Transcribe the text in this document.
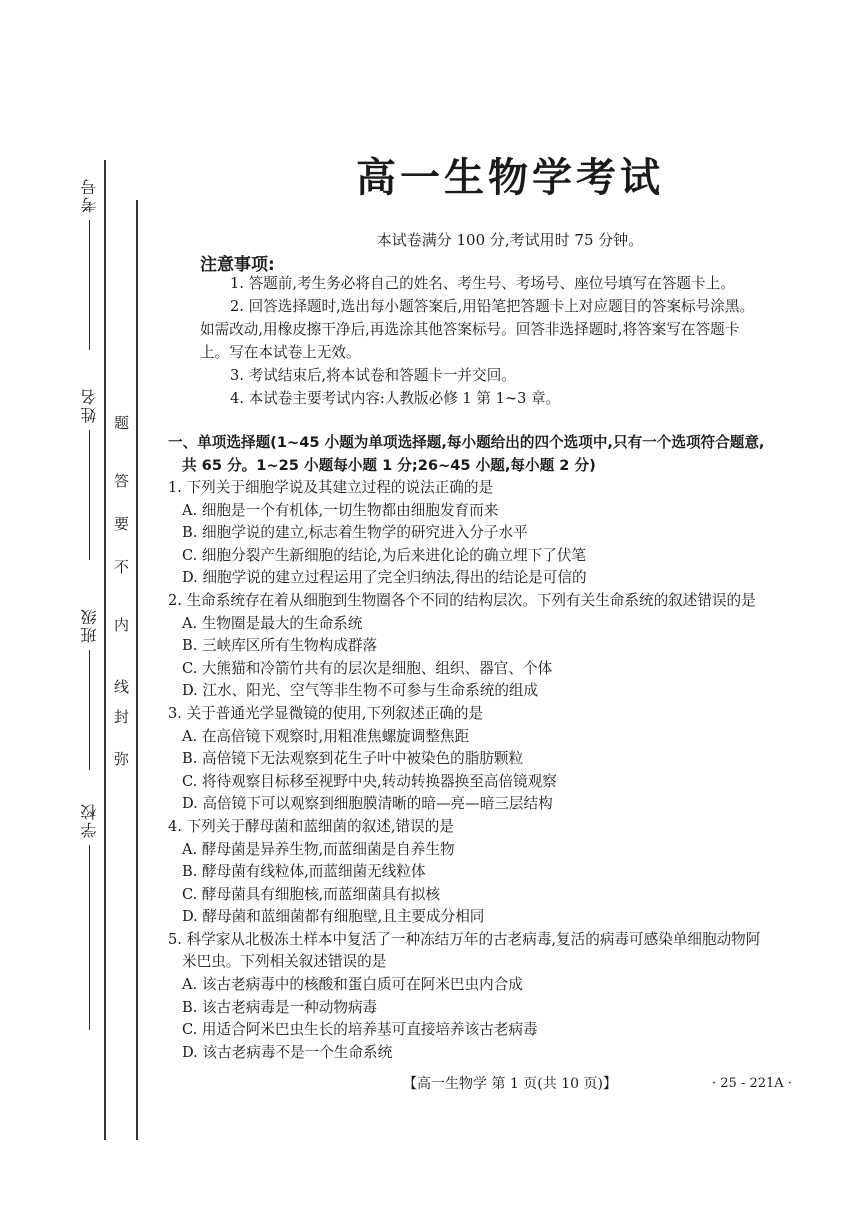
考号
姓名
班级
学校
题
答
要
不
内
线
封
弥
高一生物学考试
本试卷满分 100 分,考试用时 75 分钟。
注意事项:

1. 答题前,考生务必将自己的姓名、考生号、考场号、座位号填写在答题卡上。

2. 回答选择题时,选出每小题答案后,用铅笔把答题卡上对应题目的答案标号涂黑。如需改动,用橡皮擦干净后,再选涂其他答案标号。回答非选择题时,将答案写在答题卡上。写在本试卷上无效。

3. 考试结束后,将本试卷和答题卡一并交回。

4. 本试卷主要考试内容:人教版必修 1 第 1~3 章。

一、单项选择题(1~45 小题为单项选择题,每小题给出的四个选项中,只有一个选项符合题意,
共 65 分。1~25 小题每小题 1 分;26~45 小题,每小题 2 分)
1. 下列关于细胞学说及其建立过程的说法正确的是
A. 细胞是一个有机体,一切生物都由细胞发育而来
B. 细胞学说的建立,标志着生物学的研究进入分子水平
C. 细胞分裂产生新细胞的结论,为后来进化论的确立埋下了伏笔
D. 细胞学说的建立过程运用了完全归纳法,得出的结论是可信的
2. 生命系统存在着从细胞到生物圈各个不同的结构层次。下列有关生命系统的叙述错误的是
A. 生物圈是最大的生命系统
B. 三峡库区所有生物构成群落
C. 大熊猫和冷箭竹共有的层次是细胞、组织、器官、个体
D. 江水、阳光、空气等非生物不可参与生命系统的组成
3. 关于普通光学显微镜的使用,下列叙述正确的是
A. 在高倍镜下观察时,用粗准焦螺旋调整焦距
B. 高倍镜下无法观察到花生子叶中被染色的脂肪颗粒
C. 将待观察目标移至视野中央,转动转换器换至高倍镜观察
D. 高倍镜下可以观察到细胞膜清晰的暗—亮—暗三层结构
4. 下列关于酵母菌和蓝细菌的叙述,错误的是
A. 酵母菌是异养生物,而蓝细菌是自养生物
B. 酵母菌有线粒体,而蓝细菌无线粒体
C. 酵母菌具有细胞核,而蓝细菌具有拟核
D. 酵母菌和蓝细菌都有细胞壁,且主要成分相同
5. 科学家从北极冻土样本中复活了一种冻结万年的古老病毒,复活的病毒可感染单细胞动物阿
米巴虫。下列相关叙述错误的是
A. 该古老病毒中的核酸和蛋白质可在阿米巴虫内合成
B. 该古老病毒是一种动物病毒
C. 用适合阿米巴虫生长的培养基可直接培养该古老病毒
D. 该古老病毒不是一个生命系统
【高一生物学 第 1 页(共 10 页)】	· 25 - 221A ·
